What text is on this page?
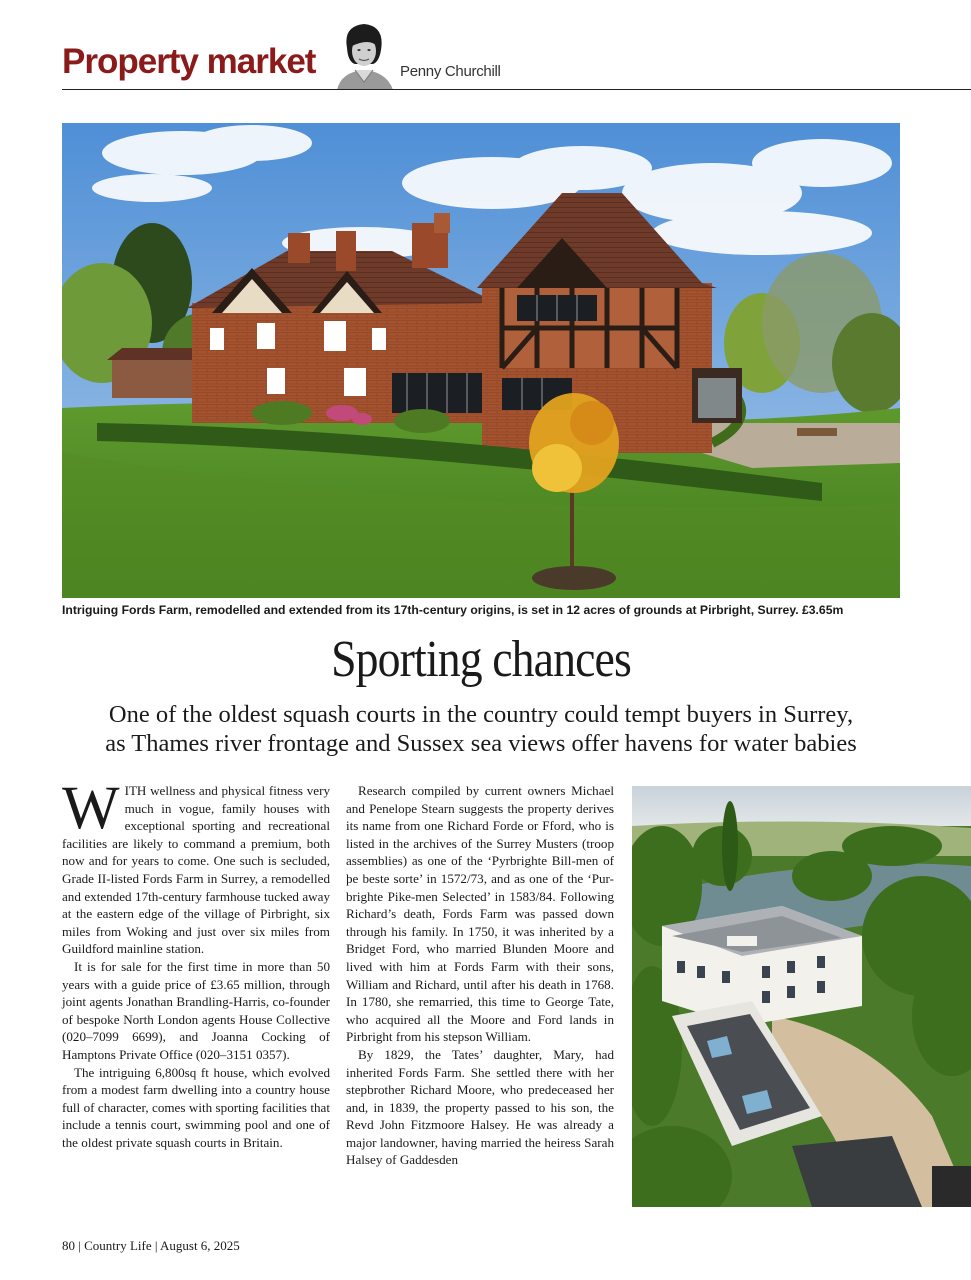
Property market	Penny Churchill
Intriguing Fords Farm, remodelled and extended from its 17th-century origins, is set in 12 acres of grounds at Pirbright, Surrey. £3.65m
Sporting chances
One of the oldest squash courts in the country could tempt buyers in Surrey,
as Thames river frontage and Sussex sea views offer havens for water babies

WITH wellness and physical fitness very much in vogue, family houses with exceptional sporting and recreational facilities are likely to command a premium, both now and for years to come. One such is secluded, Grade II-listed Fords Farm in Surrey, a remodelled and extended 17th-century farmhouse tucked away at the eastern edge of the village of Pirbright, six miles from Woking and just over six miles from Guildford mainline station.

It is for sale for the first time in more than 50 years with a guide price of £3.65 million, through joint agents Jonathan Brandling-Harris, co-founder of bespoke North London agents House Collective (020–7099 6699), and Joanna Cocking of Hamptons Private Office (020–3151 0357).

The intriguing 6,800sq ft house, which evolved from a modest farm dwelling into a country house full of character, comes with sporting facilities that include a tennis court, swimming pool and one of the oldest private squash courts in Britain.

Research compiled by current owners Michael and Penelope Stearn suggests the property derives its name from one Richard Forde or Fford, who is listed in the archives of the Surrey Musters (troop assemblies) as one of the ‘Pyrbrighte Bill-men of þe beste sorte’ in 1572/73, and as one of the ‘Pur-brighte Pike-men Selected’ in 1583/84. Following Richard’s death, Fords Farm was passed down through his family. In 1750, it was inherited by a Bridget Ford, who married Blunden Moore and lived with him at Fords Farm with their sons, William and Richard, until after his death in 1768. In 1780, she remarried, this time to George Tate, who acquired all the Moore and Ford lands in Pirbright from his stepson William.

By 1829, the Tates’ daughter, Mary, had inherited Fords Farm. She settled there with her stepbrother Richard Moore, who predeceased her and, in 1839, the property passed to his son, the Revd John Fitzmoore Halsey. He was already a major landowner, having married the heiress Sarah Halsey of Gaddesden

80 | Country Life | August 6, 2025
